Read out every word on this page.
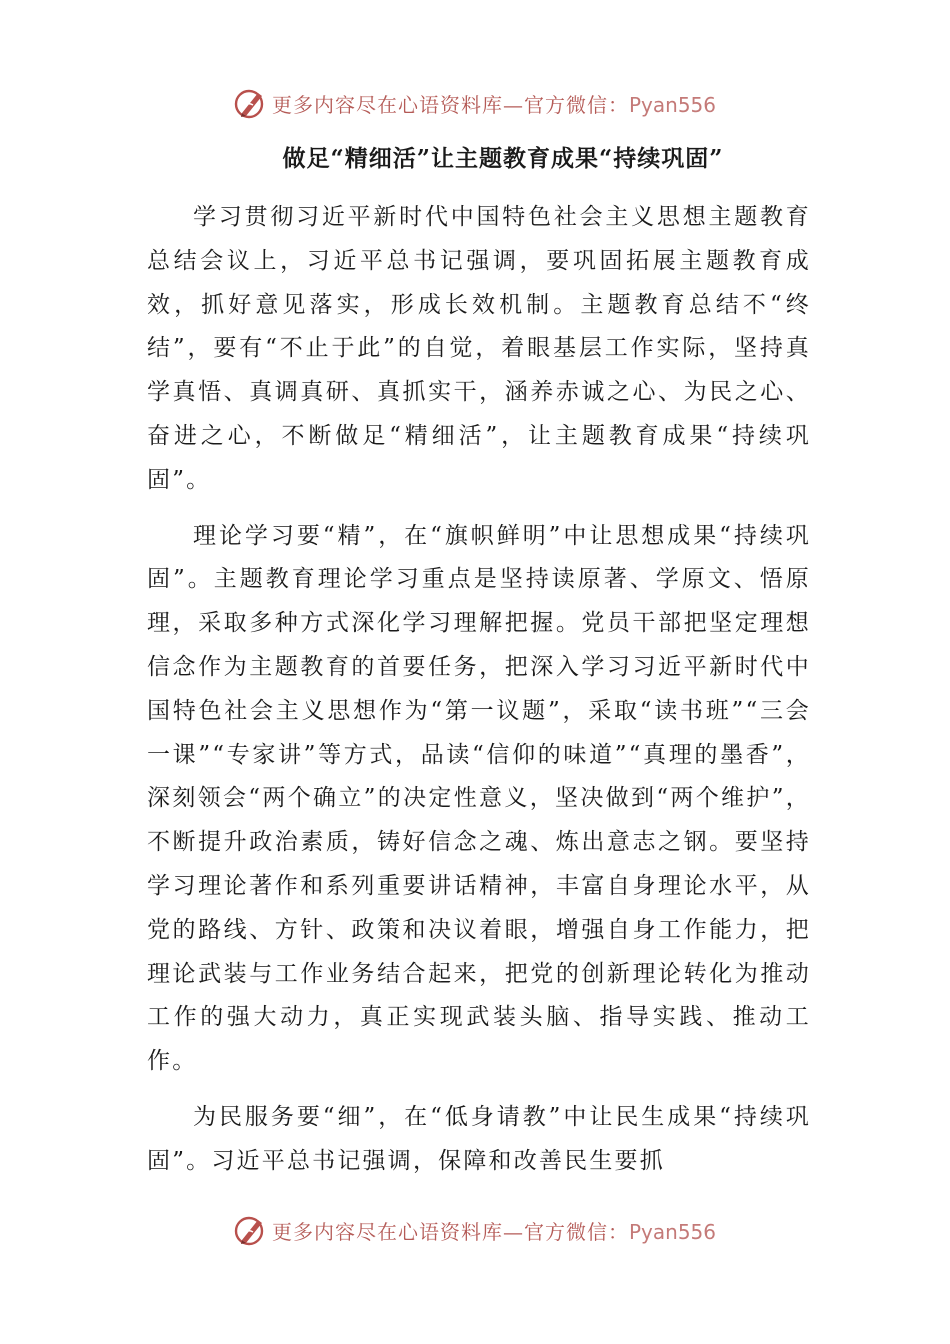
更多内容尽在心语资料库—官方微信：Pyan556
做足“精细活”让主题教育成果“持续巩固”

学习贯彻习近平新时代中国特色社会主义思想主题教育总结会议上，习近平总书记强调，要巩固拓展主题教育成效，抓好意见落实，形成长效机制。主题教育总结不“终结”，要有“不止于此”的自觉，着眼基层工作实际，坚持真学真悟、真调真研、真抓实干，涵养赤诚之心、为民之心、奋进之心，不断做足“精细活”，让主题教育成果“持续巩固”。

理论学习要“精”，在“旗帜鲜明”中让思想成果“持续巩固”。主题教育理论学习重点是坚持读原著、学原文、悟原理，采取多种方式深化学习理解把握。党员干部把坚定理想信念作为主题教育的首要任务，把深入学习习近平新时代中国特色社会主义思想作为“第一议题”，采取“读书班”“三会一课”“专家讲”等方式，品读“信仰的味道”“真理的墨香”，深刻领会“两个确立”的决定性意义，坚决做到“两个维护”，不断提升政治素质，铸好信念之魂、炼出意志之钢。要坚持学习理论著作和系列重要讲话精神，丰富自身理论水平，从党的路线、方针、政策和决议着眼，增强自身工作能力，把理论武装与工作业务结合起来，把党的创新理论转化为推动工作的强大动力，真正实现武装头脑、指导实践、推动工作。

为民服务要“细”，在“低身请教”中让民生成果“持续巩固”。习近平总书记强调，保障和改善民生要抓

更多内容尽在心语资料库—官方微信：Pyan556
